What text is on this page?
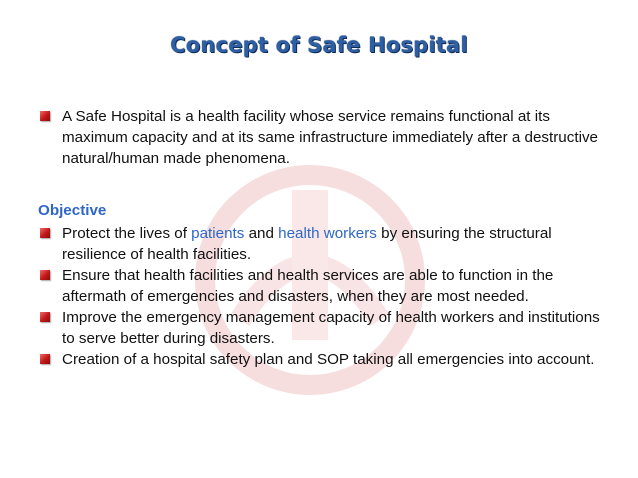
Concept of Safe Hospital
A Safe Hospital is a health facility whose service remains functional at its maximum capacity and at its same infrastructure immediately after a destructive natural/human made phenomena.
Objective
Protect the lives of patients and health workers by ensuring the structural resilience of health facilities.
Ensure that health facilities and health services are able to function in the aftermath of emergencies and disasters, when they are most needed.
Improve the emergency management capacity of health workers and institutions to serve better during disasters.
Creation of a hospital safety plan and SOP taking all emergencies into account.
